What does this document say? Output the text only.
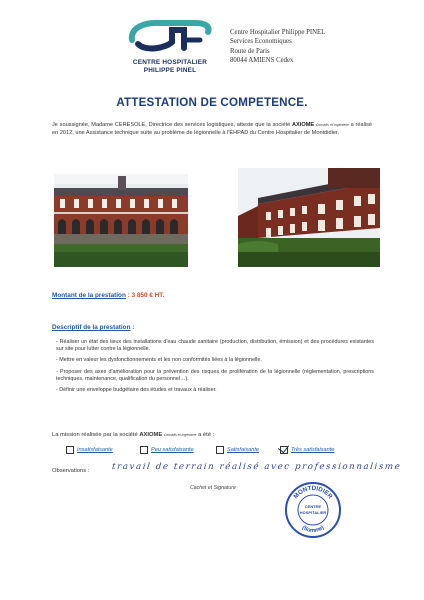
CENTRE HOSPITALIER
PHILIPPE PINEL
Centre Hospitalier Philippe PINEL
Services Economiques
Route de Paris
80044 AMIENS Cedex
ATTESTATION DE COMPETENCE.
Je soussignée, Madame CERESOLE, Directrice des services logistiques, atteste que la société AXIOME Conseils et Ingénierie a réalisé en 2012, une Assistance technique suite au problème de légionnelle à l'EHPAD du Centre Hospitalier de Montdidier.
Montant de la prestation : 3 850 € HT.
Descriptif de la prestation :
- Réaliser un état des lieux des installations d'eau chaude sanitaire (production, distribution, émission) et des procédures existantes sur site pour lutter contre la légionnelle.
- Mettre en valeur les dysfonctionnements et les non conformités liées à la légionnelle.
- Proposer des axes d'amélioration pour la prévention des risques de prolifération de la légionnelle (réglementation, prescriptions techniques, maintenance, qualification du personnel…).
- Définir une enveloppe budgétaire des études et travaux à réaliser.
La mission réalisée par la société AXIOME Conseils et Ingénierie a été :
Insatisfaisante	Peu satisfaisante	Satisfaisante	Très satisfaisante
Observations :	travail de terrain réalisé avec professionnalisme
Cachet et Signature
MONTDIDIER
(Somme)
CENTRE
HOSPITALIER
